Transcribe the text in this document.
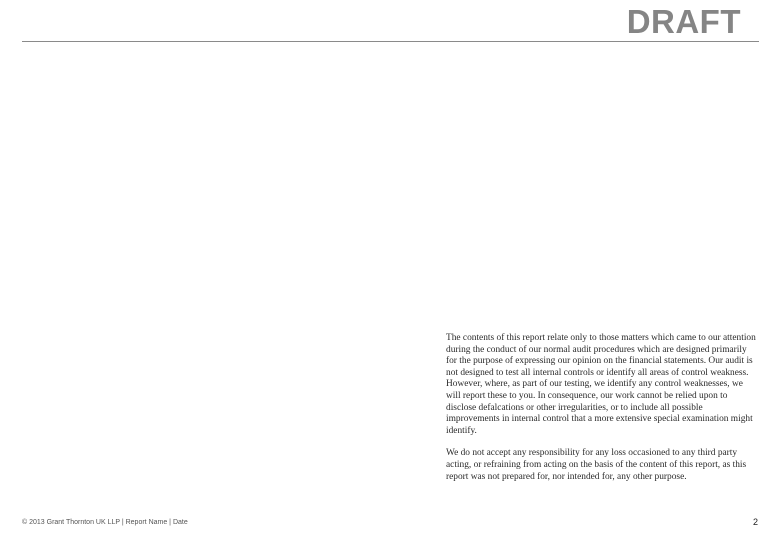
DRAFT

The contents of this report relate only to those matters which came to our attention during the conduct of our normal audit procedures which are designed primarily for the purpose of expressing our opinion on the financial statements. Our audit is not designed to test all internal controls or identify all areas of control weakness. However, where, as part of our testing, we identify any control weaknesses, we will report these to you. In consequence, our work cannot be relied upon to disclose defalcations or other irregularities, or to include all possible improvements in internal control that a more extensive special examination might identify.

We do not accept any responsibility for any loss occasioned to any third party acting, or refraining from acting on the basis of the content of this report, as this report was not prepared for, nor intended for, any other purpose.

© 2013 Grant Thornton UK LLP | Report Name | Date	2
